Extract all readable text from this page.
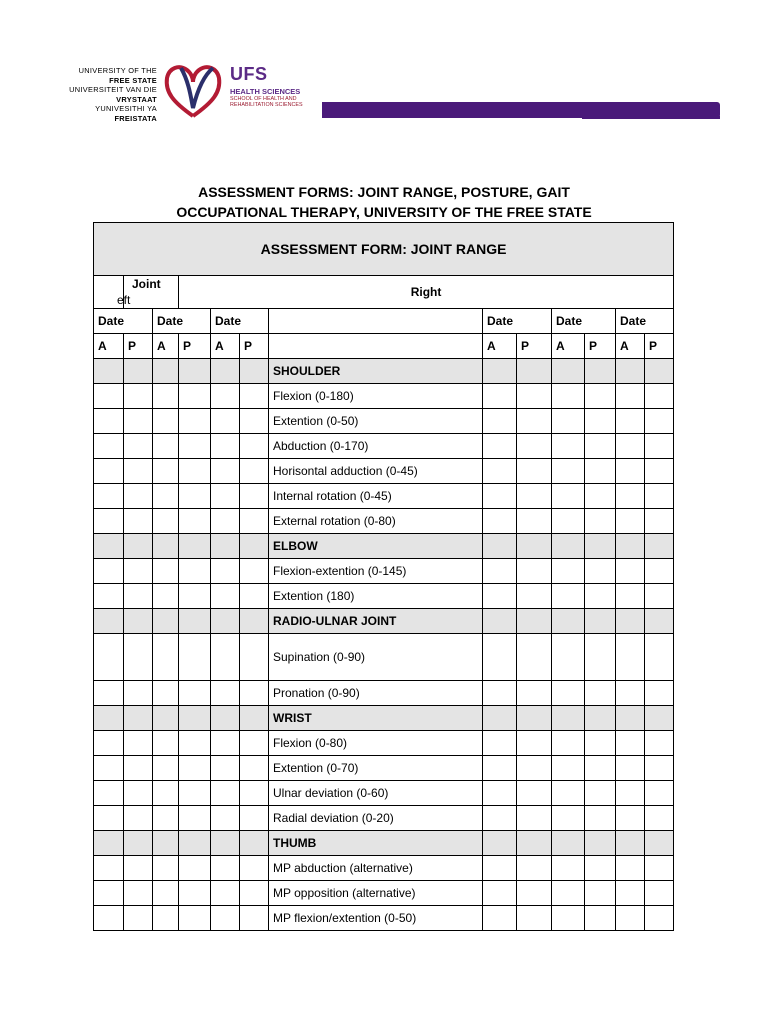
UNIVERSITY OF THE
FREE STATE
UNIVERSITEIT VAN DIE
VRYSTAAT
YUNIVESITHI YA
FREISTATA
UFS
HEALTH SCIENCES
SCHOOL OF HEALTH AND
REHABILITATION SCIENCES
ASSESSMENT FORMS: JOINT RANGE, POSTURE, GAIT
OCCUPATIONAL THERAPY, UNIVERSITY OF THE FREE STATE
ASSESSMENT FORM: JOINT RANGE												

	Joint
eft		Right									
Date		Date		Date			Date		Date		Date	
A	P	A	P	A	P		A	P	A	P	A	P
						SHOULDER						
						Flexion (0-180)						
						Extention (0-50)						
						Abduction (0-170)						
						Horisontal adduction (0-45)						
						Internal rotation (0-45)						
						External rotation (0-80)						
						ELBOW						
						Flexion-extention (0-145)						
						Extention (180)						
						RADIO-ULNAR JOINT						
						Supination (0-90)						
						Pronation (0-90)						
						WRIST						
						Flexion (0-80)						
						Extention (0-70)						
						Ulnar deviation (0-60)						
						Radial deviation (0-20)						
						THUMB						
						MP abduction (alternative)						
						MP opposition (alternative)						
						MP flexion/extention (0-50)						
